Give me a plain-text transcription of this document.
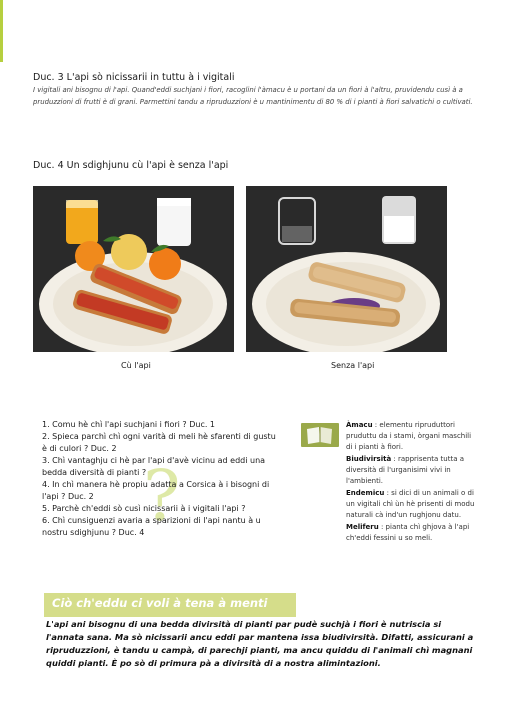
Duc. 3 L'api sò nicissarii in tuttu à i vigitali
I vigitali ani bisognu di l'api. Quand'eddi suchjani i fiori, racoglini l'àmacu è u portani da un fiori à l'altru, pruvidendu cusì à a pruduzzioni di frutti è di grani. Parmettini tandu a ripruduzzioni è u mantinimentu di 80 % di i pianti à fiori salvatichi o cultivati.
Duc. 4 Un sdighjunu cù l'api è senza l'api
Cù l'api	Senza l'api
?
1. Comu hè chì l'api suchjani i fiori ? Duc. 1
2. Spieca parchì chì ogni varità di meli hè sfarenti di gustu è di culori ? Duc. 2
3. Chì vantaghju ci hè par l'api d'avè vicinu ad eddi una bedda diversità di pianti ?
4. In chì manera hè propiu adatta a Corsica à i bisogni di l'api ? Duc. 2
5. Parchè ch'eddi sò cusì nicissarii à i vigitali l'api ?
6. Chì cunsiguenzi avaria a sparizioni di l'api nantu à u nostru sdighjunu ? Duc. 4

Àmacu : elementu ripruduttori pruduttu da i stami, òrgani maschili di i pianti à fiori.

Biudivirsità : rapprisenta tutta a diversità di l'urganisimi vivi in l'ambienti.

Endemicu : si dici di un animali o di un vigitali chì ùn hè prisenti di modu naturali cà ind'un rughjonu datu.

Meliferu : pianta chì ghjova à l'api ch'eddi fessini u so meli.

Ciò ch'eddu ci voli à tena à menti
L'api ani bisognu di una bedda divirsità di pianti par pudè suchjà i fiori è nutriscia si l'annata sana. Ma sò nicissarii ancu eddi par mantena issa biudivirsità. Difatti, assicurani a ripruduzzioni, è tandu u campà, di parechji pianti, ma ancu quiddu di l'animali chì magnani quiddi pianti. È po sò di primura pà a divirsità di a nostra alimintazioni.
